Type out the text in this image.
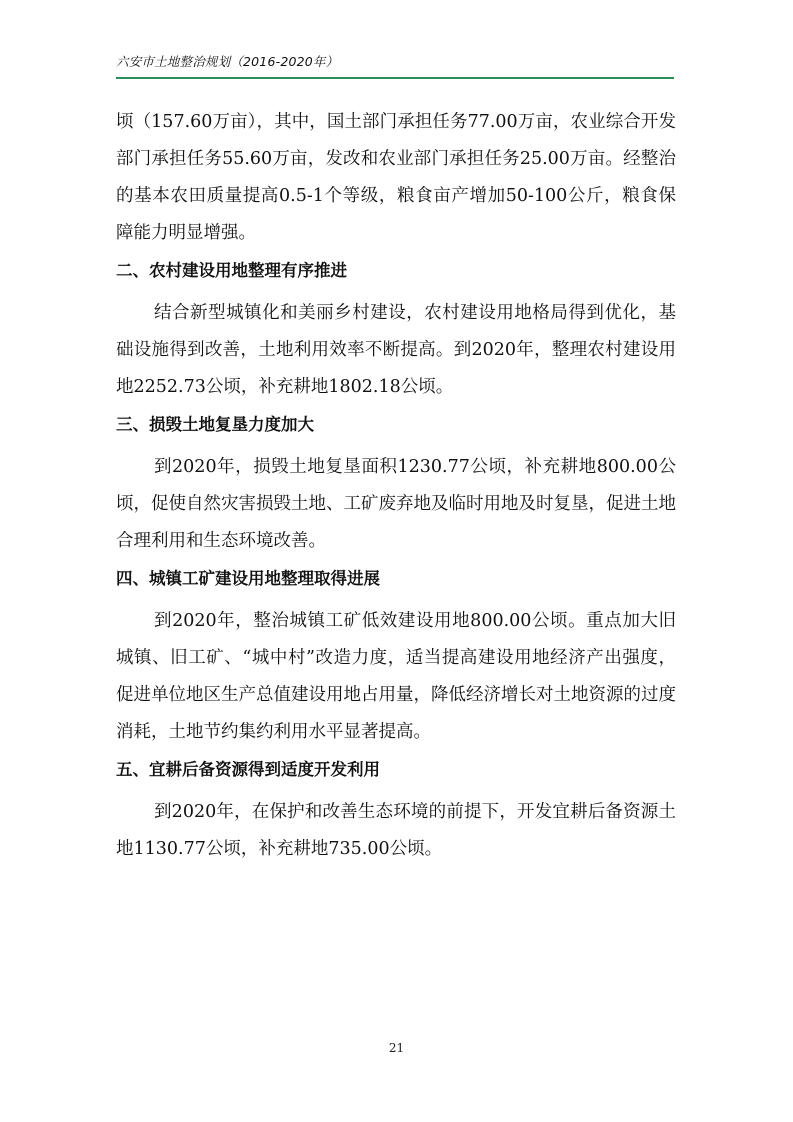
六安市土地整治规划（2016-2020年）

顷（157.60万亩），其中，国土部门承担任务77.00万亩，农业综合开发部门承担任务55.60万亩，发改和农业部门承担任务25.00万亩。经整治的基本农田质量提高0.5-1个等级，粮食亩产增加50-100公斤，粮食保障能力明显增强。

二、农村建设用地整理有序推进

结合新型城镇化和美丽乡村建设，农村建设用地格局得到优化，基础设施得到改善，土地利用效率不断提高。到2020年，整理农村建设用地2252.73公顷，补充耕地1802.18公顷。

三、损毁土地复垦力度加大

到2020年，损毁土地复垦面积1230.77公顷，补充耕地800.00公顷，促使自然灾害损毁土地、工矿废弃地及临时用地及时复垦，促进土地合理利用和生态环境改善。

四、城镇工矿建设用地整理取得进展

到2020年，整治城镇工矿低效建设用地800.00公顷。重点加大旧城镇、旧工矿、“城中村”改造力度，适当提高建设用地经济产出强度，促进单位地区生产总值建设用地占用量，降低经济增长对土地资源的过度消耗，土地节约集约利用水平显著提高。

五、宜耕后备资源得到适度开发利用

到2020年，在保护和改善生态环境的前提下，开发宜耕后备资源土地1130.77公顷，补充耕地735.00公顷。

21
